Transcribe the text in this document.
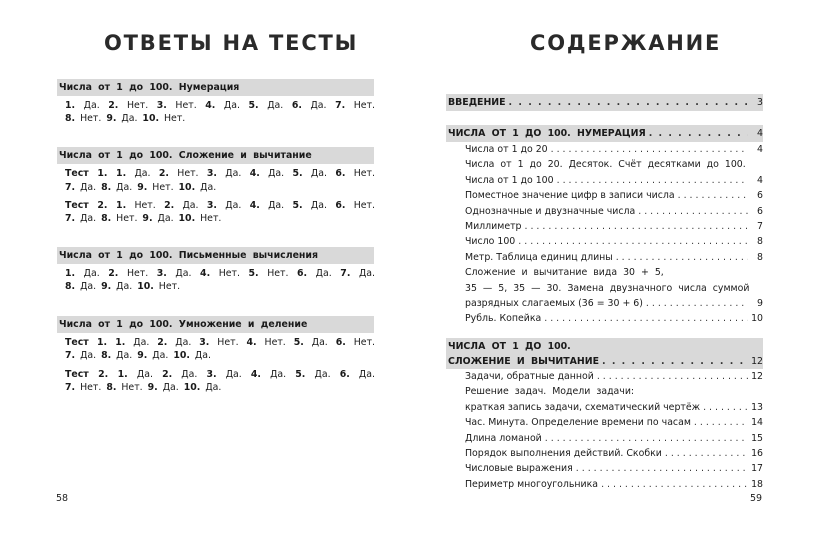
ОТВЕТЫ НА ТЕСТЫ
Числа от 1 до 100. Нумерация
1. Да. 2. Нет. 3. Нет. 4. Да. 5. Да. 6. Да. 7. Нет.
8. Нет. 9. Да. 10. Нет.
Числа от 1 до 100. Сложение и вычитание
Тест 1. 1. Да. 2. Нет. 3. Да. 4. Да. 5. Да. 6. Нет.
7. Да. 8. Да. 9. Нет. 10. Да.
Тест 2. 1. Нет. 2. Да. 3. Да. 4. Да. 5. Да. 6. Нет.
7. Да. 8. Нет. 9. Да. 10. Нет.
Числа от 1 до 100. Письменные вычисления
1. Да. 2. Нет. 3. Да. 4. Нет. 5. Нет. 6. Да. 7. Да.
8. Да. 9. Да. 10. Нет.
Числа от 1 до 100. Умножение и деление
Тест 1. 1. Да. 2. Да. 3. Нет. 4. Нет. 5. Да. 6. Нет.
7. Да. 8. Да. 9. Да. 10. Да.
Тест 2. 1. Да. 2. Да. 3. Да. 4. Да. 5. Да. 6. Да.
7. Нет. 8. Нет. 9. Да. 10. Да.
58
СОДЕРЖАНИЕ
ВВЕДЕНИЕ . . .	3
ЧИСЛА ОТ 1 ДО 100. НУМЕРАЦИЯ . . .	4
Числа от 1 до 20 . . .	4
Числа от 1 до 20. Десяток. Счёт десятками до 100.
Числа от 1 до 100 . . .	4
Поместное значение цифр в записи числа . . .	6
Однозначные и двузначные числа . . .	6
Миллиметр . . .	7
Число 100 . . .	8
Метр. Таблица единиц длины . . .	8
Сложение и вычитание вида 30 + 5,
35 — 5, 35 — 30. Замена двузначного числа суммой
разрядных слагаемых (36 = 30 + 6) . . .	9
Рубль. Копейка . . .	10
ЧИСЛА ОТ 1 ДО 100.
СЛОЖЕНИЕ И ВЫЧИТАНИЕ . . .	12
Задачи, обратные данной . . .	12
Решение задач. Модели задачи:
краткая запись задачи, схематический чертёж . . .	13
Час. Минута. Определение времени по часам . . .	14
Длина ломаной . . .	15
Порядок выполнения действий. Скобки . . .	16
Числовые выражения . . .	17
Периметр многоугольника . . .	18
59
